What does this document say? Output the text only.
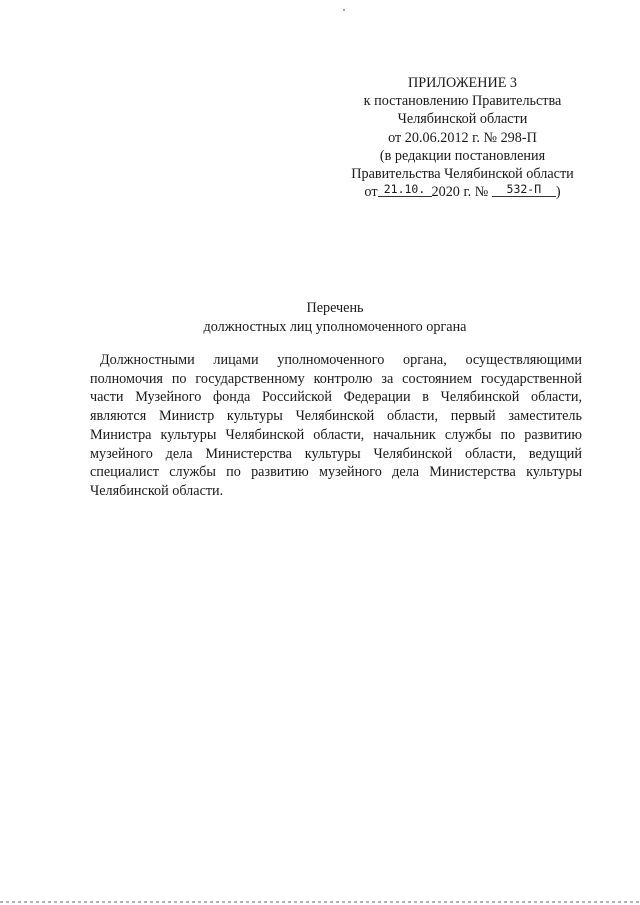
ПРИЛОЖЕНИЕ 3
к постановлению Правительства
Челябинской области
от 20.06.2012 г. № 298-П
(в редакции постановления
Правительства Челябинской области
от 21.10. 2020 г. № 532-П )
Перечень
должностных лиц уполномоченного органа
Должностными лицами уполномоченного органа, осуществляющими
полномочия по государственному контролю за состоянием государственной
части Музейного фонда Российской Федерации в Челябинской области,
являются Министр культуры Челябинской области, первый заместитель
Министра культуры Челябинской области, начальник службы по развитию
музейного дела Министерства культуры Челябинской области, ведущий
специалист службы по развитию музейного дела Министерства культуры
Челябинской области.
